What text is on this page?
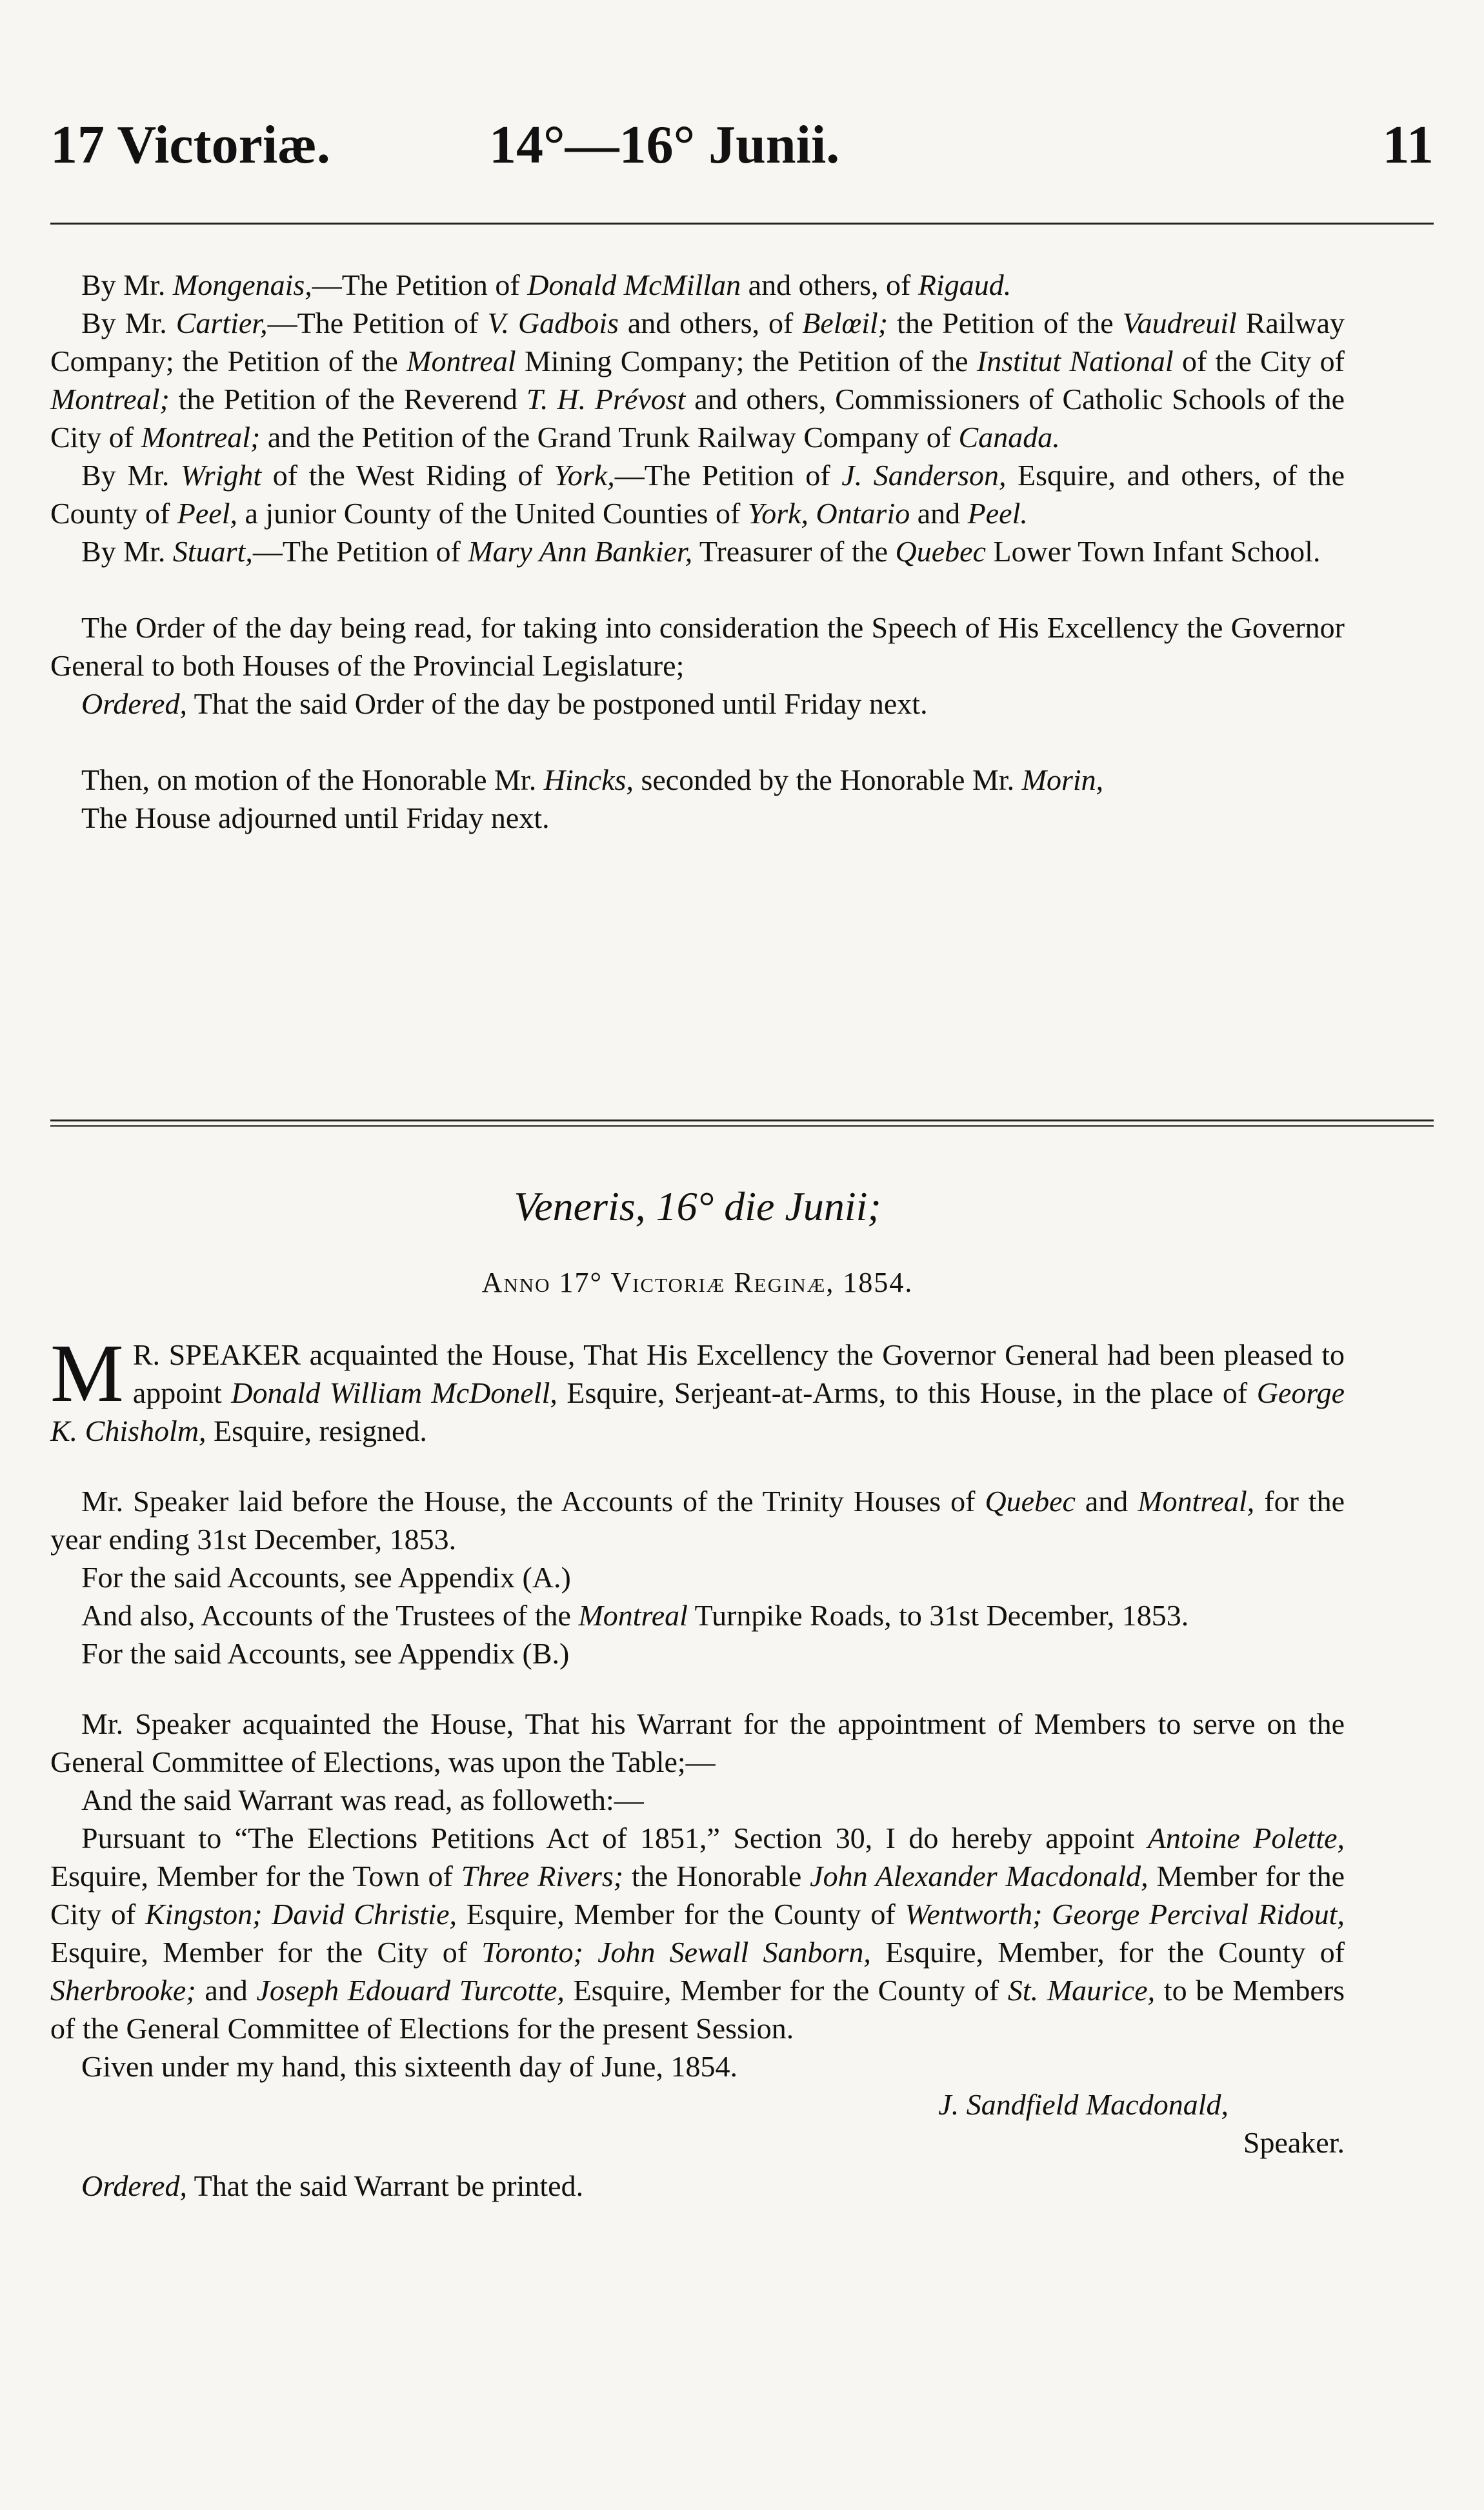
17 Victoriæ.	14°—16° Junii.	11

By Mr. Mongenais,—The Petition of Donald McMillan and others, of Rigaud.

By Mr. Cartier,—The Petition of V. Gadbois and others, of Belœil; the Petition of the Vaudreuil Railway Company; the Petition of the Montreal Mining Company; the Petition of the Institut National of the City of Montreal; the Petition of the Reverend T. H. Prévost and others, Commissioners of Catholic Schools of the City of Montreal; and the Petition of the Grand Trunk Railway Company of Canada.

By Mr. Wright of the West Riding of York,—The Petition of J. Sanderson, Esquire, and others, of the County of Peel, a junior County of the United Counties of York, Ontario and Peel.

By Mr. Stuart,—The Petition of Mary Ann Bankier, Treasurer of the Quebec Lower Town Infant School.

The Order of the day being read, for taking into consideration the Speech of His Excellency the Governor General to both Houses of the Provincial Legislature;

Ordered, That the said Order of the day be postponed until Friday next.

Then, on motion of the Honorable Mr. Hincks, seconded by the Honorable Mr. Morin,

The House adjourned until Friday next.

Veneris, 16° die Junii;

Anno 17° Victoriæ Reginæ, 1854.

M R. SPEAKER acquainted the House, That His Excellency the Governor General had been pleased to appoint Donald William McDonell, Esquire, Serjeant-at-Arms, to this House, in the place of George K. Chisholm, Esquire, resigned.

Mr. Speaker laid before the House, the Accounts of the Trinity Houses of Quebec and Montreal, for the year ending 31st December, 1853.

For the said Accounts, see Appendix (A.)

And also, Accounts of the Trustees of the Montreal Turnpike Roads, to 31st December, 1853.

For the said Accounts, see Appendix (B.)

Mr. Speaker acquainted the House, That his Warrant for the appointment of Members to serve on the General Committee of Elections, was upon the Table;—

And the said Warrant was read, as followeth:—

Pursuant to “The Elections Petitions Act of 1851,” Section 30, I do hereby appoint Antoine Polette, Esquire, Member for the Town of Three Rivers; the Honorable John Alexander Macdonald, Member for the City of Kingston; David Christie, Esquire, Member for the County of Wentworth; George Percival Ridout, Esquire, Member for the City of Toronto; John Sewall Sanborn, Esquire, Member, for the County of Sherbrooke; and Joseph Edouard Turcotte, Esquire, Member for the County of St. Maurice, to be Members of the General Committee of Elections for the present Session.

Given under my hand, this sixteenth day of June, 1854.

J. Sandfield Macdonald,

Speaker.

Ordered, That the said Warrant be printed.
